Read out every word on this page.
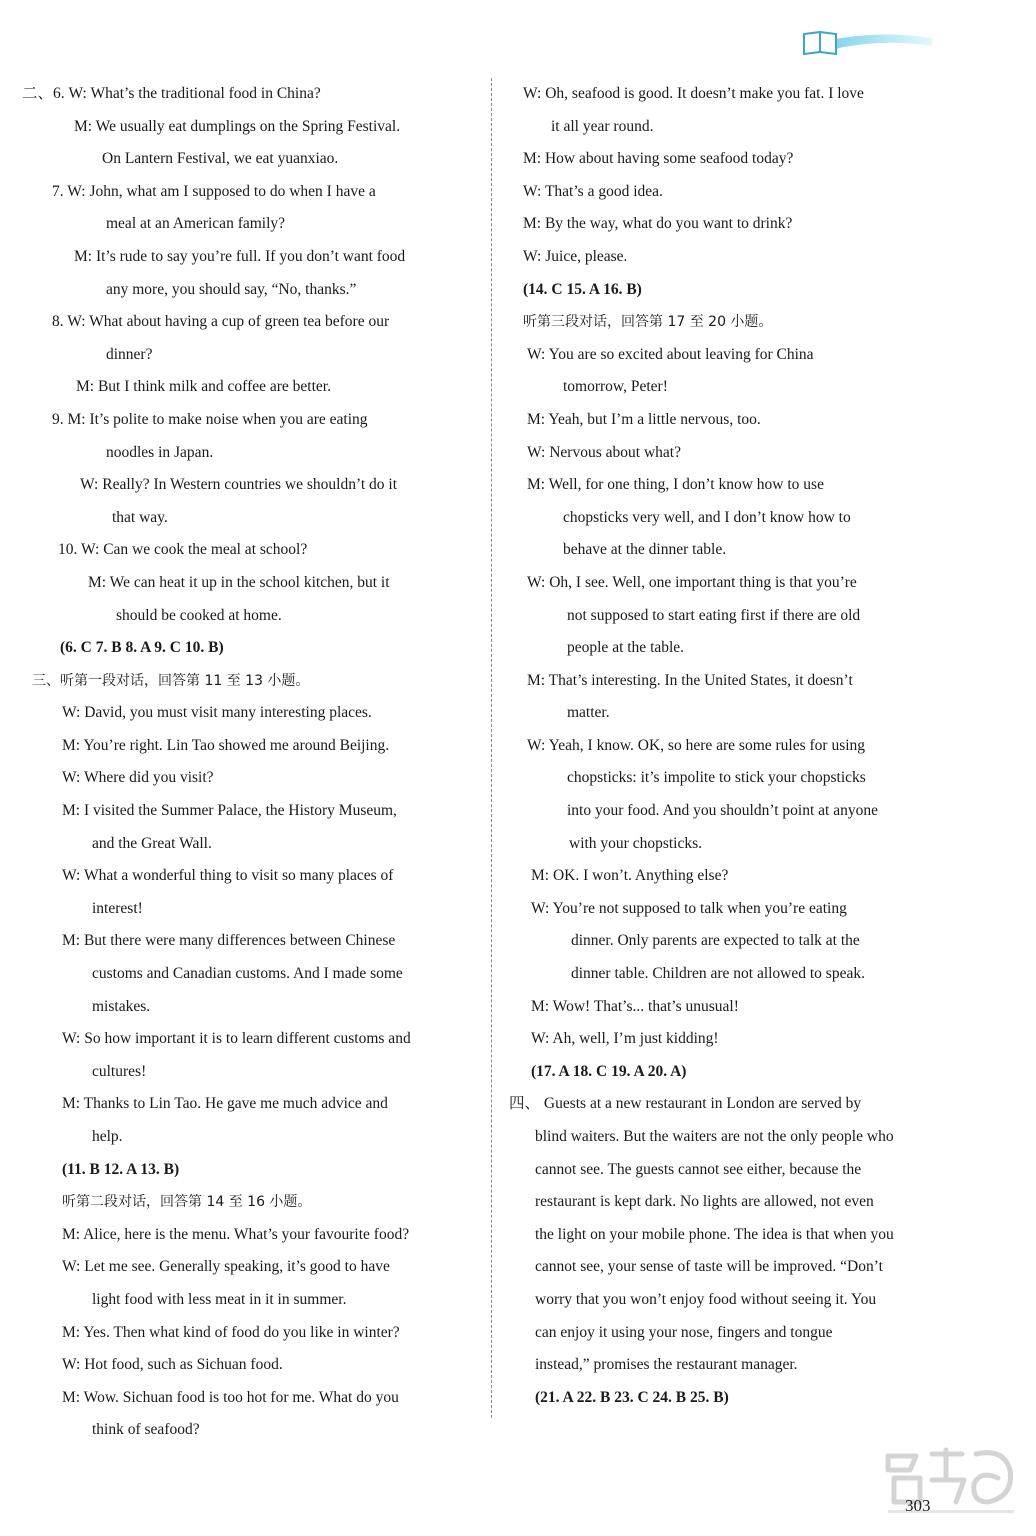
二、6. W: What’s the traditional food in China?
M: We usually eat dumplings on the Spring Festival.
On Lantern Festival, we eat yuanxiao.
7. W: John, what am I supposed to do when I have a
meal at an American family?
M: It’s rude to say you’re full. If you don’t want food
any more, you should say, “No, thanks.”
8. W: What about having a cup of green tea before our
dinner?
M: But I think milk and coffee are better.
9. M: It’s polite to make noise when you are eating
noodles in Japan.
W: Really? In Western countries we shouldn’t do it
that way.
10. W: Can we cook the meal at school?
M: We can heat it up in the school kitchen, but it
should be cooked at home.
(6. C 7. B 8. A 9. C 10. B)
三、听第一段对话，回答第 11 至 13 小题。
W: David, you must visit many interesting places.
M: You’re right. Lin Tao showed me around Beijing.
W: Where did you visit?
M: I visited the Summer Palace, the History Museum,
and the Great Wall.
W: What a wonderful thing to visit so many places of
interest!
M: But there were many differences between Chinese
customs and Canadian customs. And I made some
mistakes.
W: So how important it is to learn different customs and
cultures!
M: Thanks to Lin Tao. He gave me much advice and
help.
(11. B 12. A 13. B)
听第二段对话，回答第 14 至 16 小题。
M: Alice, here is the menu. What’s your favourite food?
W: Let me see. Generally speaking, it’s good to have
light food with less meat in it in summer.
M: Yes. Then what kind of food do you like in winter?
W: Hot food, such as Sichuan food.
M: Wow. Sichuan food is too hot for me. What do you
think of seafood?
W: Oh, seafood is good. It doesn’t make you fat. I love
it all year round.
M: How about having some seafood today?
W: That’s a good idea.
M: By the way, what do you want to drink?
W: Juice, please.
(14. C 15. A 16. B)
听第三段对话，回答第 17 至 20 小题。
W: You are so excited about leaving for China
tomorrow, Peter!
M: Yeah, but I’m a little nervous, too.
W: Nervous about what?
M: Well, for one thing, I don’t know how to use
chopsticks very well, and I don’t know how to
behave at the dinner table.
W: Oh, I see. Well, one important thing is that you’re
not supposed to start eating first if there are old
people at the table.
M: That’s interesting. In the United States, it doesn’t
matter.
W: Yeah, I know. OK, so here are some rules for using
chopsticks: it’s impolite to stick your chopsticks
into your food. And you shouldn’t point at anyone
with your chopsticks.
M: OK. I won’t. Anything else?
W: You’re not supposed to talk when you’re eating
dinner. Only parents are expected to talk at the
dinner table. Children are not allowed to speak.
M: Wow! That’s... that’s unusual!
W: Ah, well, I’m just kidding!
(17. A 18. C 19. A 20. A)
四、 Guests at a new restaurant in London are served by
blind waiters. But the waiters are not the only people who
cannot see. The guests cannot see either, because the
restaurant is kept dark. No lights are allowed, not even
the light on your mobile phone. The idea is that when you
cannot see, your sense of taste will be improved. “Don’t
worry that you won’t enjoy food without seeing it. You
can enjoy it using your nose, fingers and tongue
instead,” promises the restaurant manager.
(21. A 22. B 23. C 24. B 25. B)
303
